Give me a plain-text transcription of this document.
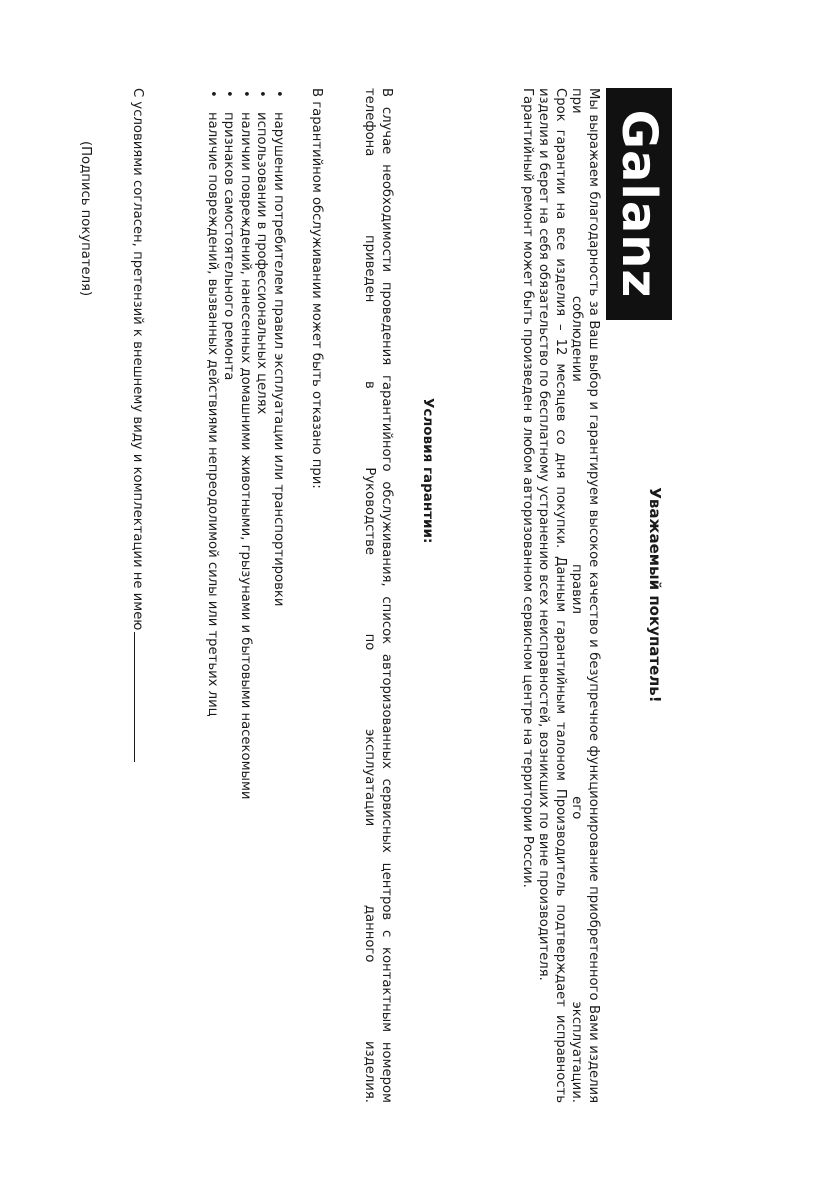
Galanz
Уважаемый покупатель!

Мы выражаем благодарность за Ваш выбор и гарантируем высокое качество и безупречное функционирование приобретенного Вами изделия при соблюдении правил его эксплуатации.

Срок гарантии на все изделия – 12 месяцев со дня покупки. Данным гарантийным талоном Производитель подтверждает исправность изделия и берет на себя обязательство по бесплатному устранению всех неисправностей, возникших по вине производителя.

Гарантийный ремонт может быть произведен в любом авторизованном сервисном центре на территории России.

Условия гарантии:

В случае необходимости проведения гарантийного обслуживания, список авторизованных сервисных центров с контактным номером телефона приведен в Руководстве по эксплуатации данного изделия.

В гарантийном обслуживании может быть отказано при:
• нарушении потребителем правил эксплуатации или транспортировки
• использовании в профессиональных целях
• наличии повреждений, нанесенных домашними животными, грызунами и бытовыми насекомыми
• признаков самостоятельного ремонта
• наличие повреждений, вызванных действиями непреодолимой силы или третьих лиц
С условиями согласен, претензий к внешнему виду и комплектации не имею
(Подпись покупателя)
